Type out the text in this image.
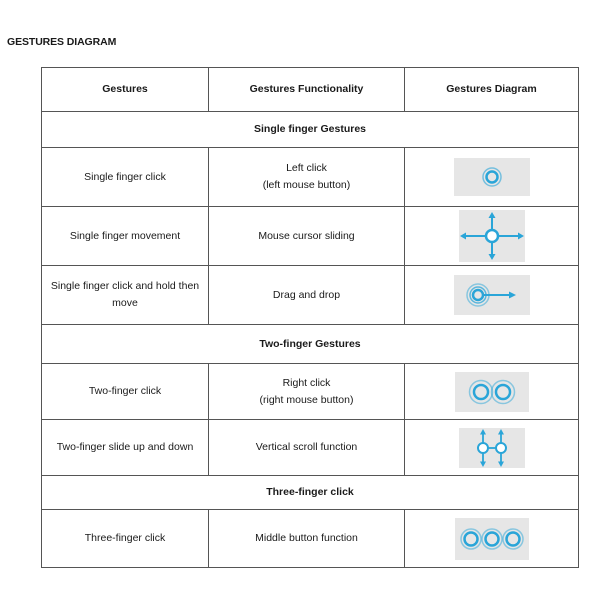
GESTURES DIAGRAM
Gestures	Gestures Functionality	Gestures Diagram
Single finger Gestures		
Single finger click	Left click
(left mouse button)

Single finger movement	Mouse cursor sliding	

Single finger click and hold then
move	Drag and drop	

Two-finger Gestures		
Two-finger click	Right click
(right mouse button)

Two-finger slide up and down	Vertical scroll function	

Three-finger click		
Three-finger click	Middle button function	
